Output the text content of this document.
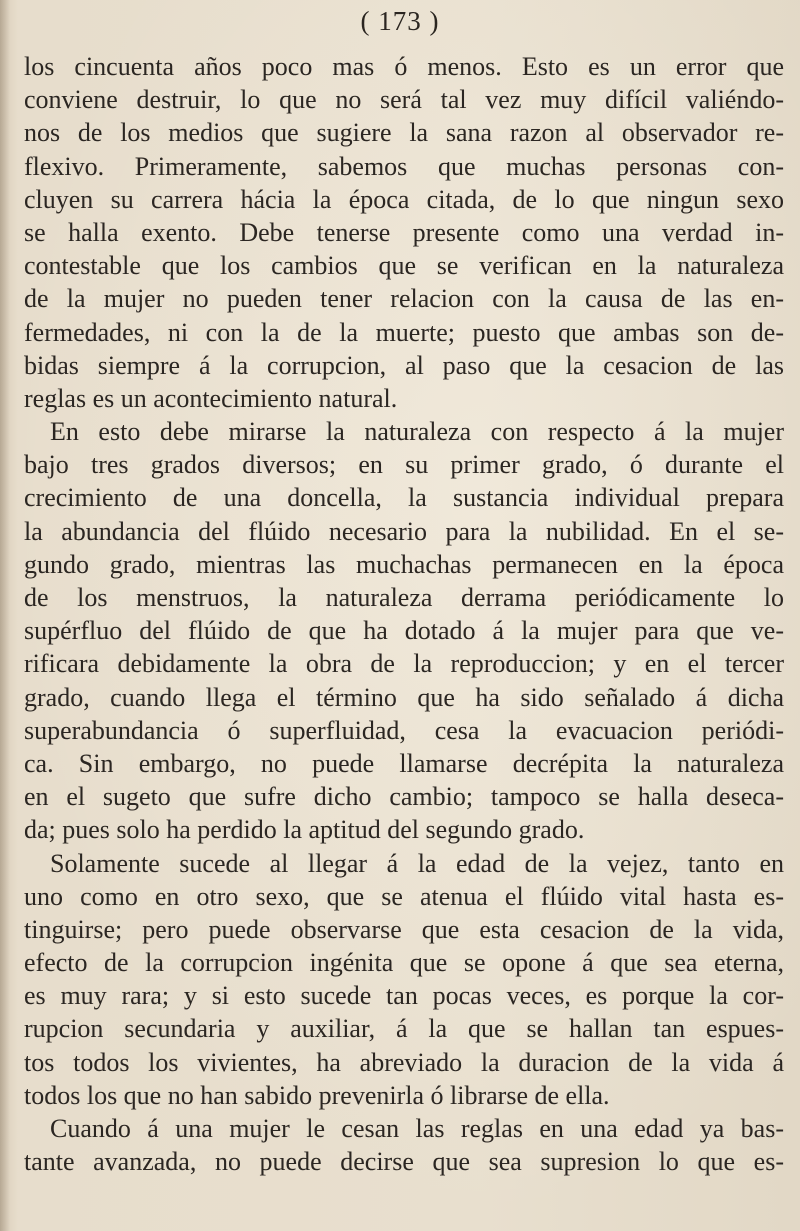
( 173 )
los cincuenta años poco mas ó menos. Esto es un error que
conviene destruir, lo que no será tal vez muy difícil valiéndo-
nos de los medios que sugiere la sana razon al observador re-
flexivo. Primeramente, sabemos que muchas personas con-
cluyen su carrera hácia la época citada, de lo que ningun sexo
se halla exento. Debe tenerse presente como una verdad in-
contestable que los cambios que se verifican en la naturaleza
de la mujer no pueden tener relacion con la causa de las en-
fermedades, ni con la de la muerte; puesto que ambas son de-
bidas siempre á la corrupcion, al paso que la cesacion de las
reglas es un acontecimiento natural.
En esto debe mirarse la naturaleza con respecto á la mujer
bajo tres grados diversos; en su primer grado, ó durante el
crecimiento de una doncella, la sustancia individual prepara
la abundancia del flúido necesario para la nubilidad. En el se-
gundo grado, mientras las muchachas permanecen en la época
de los menstruos, la naturaleza derrama periódicamente lo
supérfluo del flúido de que ha dotado á la mujer para que ve-
rificara debidamente la obra de la reproduccion; y en el tercer
grado, cuando llega el término que ha sido señalado á dicha
superabundancia ó superfluidad, cesa la evacuacion periódi-
ca. Sin embargo, no puede llamarse decrépita la naturaleza
en el sugeto que sufre dicho cambio; tampoco se halla deseca-
da; pues solo ha perdido la aptitud del segundo grado.
Solamente sucede al llegar á la edad de la vejez, tanto en
uno como en otro sexo, que se atenua el flúido vital hasta es-
tinguirse; pero puede observarse que esta cesacion de la vida,
efecto de la corrupcion ingénita que se opone á que sea eterna,
es muy rara; y si esto sucede tan pocas veces, es porque la cor-
rupcion secundaria y auxiliar, á la que se hallan tan espues-
tos todos los vivientes, ha abreviado la duracion de la vida á
todos los que no han sabido prevenirla ó librarse de ella.
Cuando á una mujer le cesan las reglas en una edad ya bas-
tante avanzada, no puede decirse que sea supresion lo que es-
